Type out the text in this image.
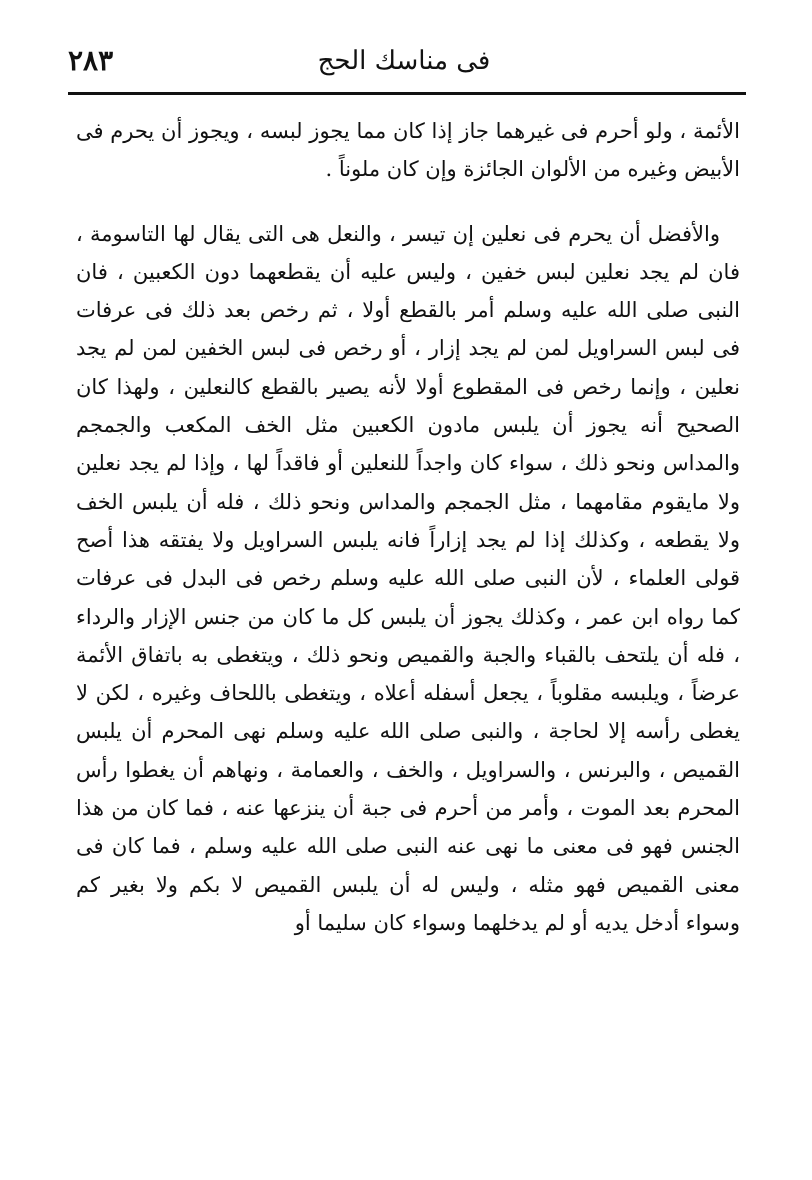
فى مناسك الحج
٢٨٣

الأئمة ، ولو أحرم فى غيرهما جاز إذا كان مما يجوز لبسه ، ويجوز أن يحرم فى الأبيض وغيره من الألوان الجائزة وإن كان ملوناً .

والأفضل أن يحرم فى نعلين إن تيسر ، والنعل هى التى يقال لها التاسومة ، فان لم يجد نعلين لبس خفين ، وليس عليه أن يقطعهما دون الكعبين ، فان النبى صلى الله عليه وسلم أمر بالقطع أولا ، ثم رخص بعد ذلك فى عرفات فى لبس السراويل لمن لم يجد إزار ، أو رخص فى لبس الخفين لمن لم يجد نعلين ، وإنما رخص فى المقطوع أولا لأنه يصير بالقطع كالنعلين ، ولهذا كان الصحيح أنه يجوز أن يلبس مادون الكعبين مثل الخف المكعب والجمجم والمداس ونحو ذلك ، سواء كان واجداً للنعلين أو فاقداً لها ، وإذا لم يجد نعلين ولا مايقوم مقامهما ، مثل الجمجم والمداس ونحو ذلك ، فله أن يلبس الخف ولا يقطعه ، وكذلك إذا لم يجد إزاراً فانه يلبس السراويل ولا يفتقه هذا أصح قولى العلماء ، لأن النبى صلى الله عليه وسلم رخص فى البدل فى عرفات كما رواه ابن عمر ، وكذلك يجوز أن يلبس كل ما كان من جنس الإزار والرداء ، فله أن يلتحف بالقباء والجبة والقميص ونحو ذلك ، ويتغطى به باتفاق الأئمة عرضاً ، ويلبسه مقلوباً ، يجعل أسفله أعلاه ، ويتغطى باللحاف وغيره ، لكن لا يغطى رأسه إلا لحاجة ، والنبى صلى الله عليه وسلم نهى المحرم أن يلبس القميص ، والبرنس ، والسراويل ، والخف ، والعمامة ، ونهاهم أن يغطوا رأس المحرم بعد الموت ، وأمر من أحرم فى جبة أن ينزعها عنه ، فما كان من هذا الجنس فهو فى معنى ما نهى عنه النبى صلى الله عليه وسلم ، فما كان فى معنى القميص فهو مثله ، وليس له أن يلبس القميص لا بكم ولا بغير كم وسواء أدخل يديه أو لم يدخلهما وسواء كان سليما أو
